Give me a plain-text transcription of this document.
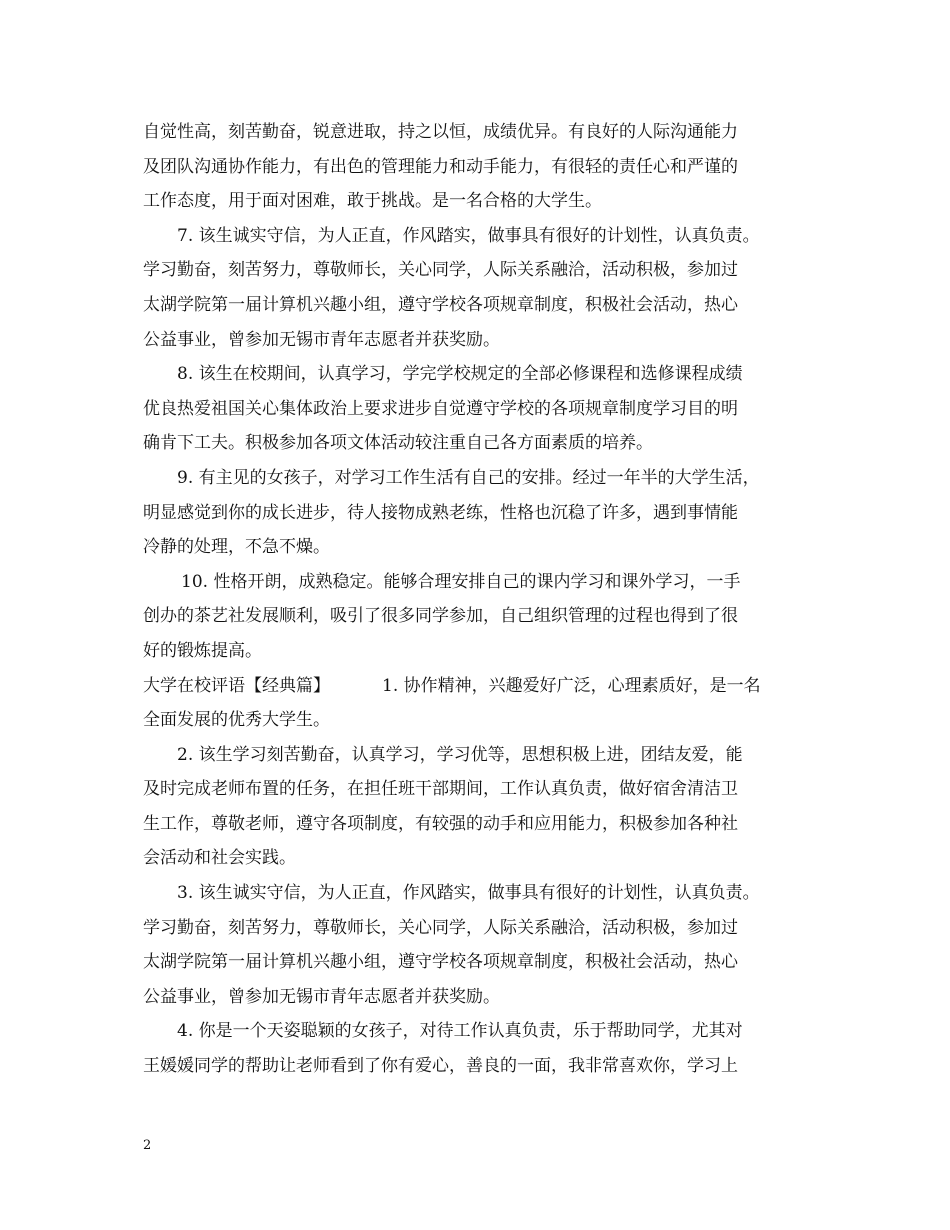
自觉性高，刻苦勤奋，锐意进取，持之以恒，成绩优异。有良好的人际沟通能力
及团队沟通协作能力，有出色的管理能力和动手能力，有很轻的责任心和严谨的
工作态度，用于面对困难，敢于挑战。是一名合格的大学生。
7. 该生诚实守信，为人正直，作风踏实，做事具有很好的计划性，认真负责。
学习勤奋，刻苦努力，尊敬师长，关心同学，人际关系融洽，活动积极，参加过
太湖学院第一届计算机兴趣小组，遵守学校各项规章制度，积极社会活动，热心
公益事业，曾参加无锡市青年志愿者并获奖励。
8. 该生在校期间，认真学习，学完学校规定的全部必修课程和选修课程成绩
优良热爱祖国关心集体政治上要求进步自觉遵守学校的各项规章制度学习目的明
确肯下工夫。积极参加各项文体活动较注重自己各方面素质的培养。
9. 有主见的女孩子，对学习工作生活有自己的安排。经过一年半的大学生活，
明显感觉到你的成长进步，待人接物成熟老练，性格也沉稳了许多，遇到事情能
冷静的处理，不急不燥。
10. 性格开朗，成熟稳定。能够合理安排自己的课内学习和课外学习，一手
创办的茶艺社发展顺利，吸引了很多同学参加，自己组织管理的过程也得到了很
好的锻炼提高。
大学在校评语【经典篇】	1. 协作精神，兴趣爱好广泛，心理素质好，是一名
全面发展的优秀大学生。
2. 该生学习刻苦勤奋，认真学习，学习优等，思想积极上进，团结友爱，能
及时完成老师布置的任务，在担任班干部期间，工作认真负责，做好宿舍清洁卫
生工作，尊敬老师，遵守各项制度，有较强的动手和应用能力，积极参加各种社
会活动和社会实践。
3. 该生诚实守信，为人正直，作风踏实，做事具有很好的计划性，认真负责。
学习勤奋，刻苦努力，尊敬师长，关心同学，人际关系融洽，活动积极，参加过
太湖学院第一届计算机兴趣小组，遵守学校各项规章制度，积极社会活动，热心
公益事业，曾参加无锡市青年志愿者并获奖励。
4. 你是一个天姿聪颖的女孩子，对待工作认真负责，乐于帮助同学，尤其对
王媛媛同学的帮助让老师看到了你有爱心，善良的一面，我非常喜欢你，学习上
2
